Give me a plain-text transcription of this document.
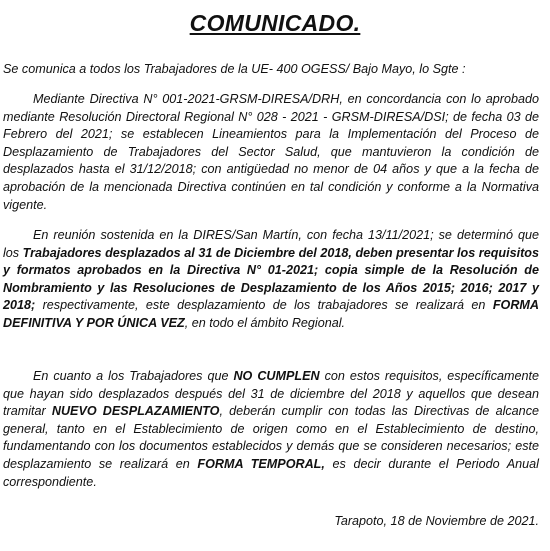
COMUNICADO.
Se comunica a todos los Trabajadores de la UE- 400 OGESS/ Bajo Mayo, lo Sgte :
Mediante Directiva N° 001-2021-GRSM-DIRESA/DRH, en concordancia con lo aprobado mediante Resolución Directoral Regional N° 028 - 2021 - GRSM-DIRESA/DSI; de fecha 03 de Febrero del 2021; se establecen Lineamientos para la Implementación del Proceso de Desplazamiento de Trabajadores del Sector Salud, que mantuvieron la condición de desplazados hasta el 31/12/2018; con antigüedad no menor de 04 años y que a la fecha de aprobación de la mencionada Directiva continúen en tal condición y conforme a la Normativa vigente.
En reunión sostenida en la DIRES/San Martín, con fecha 13/11/2021; se determinó que los Trabajadores desplazados al 31 de Diciembre del 2018, deben presentar los requisitos y formatos aprobados en la Directiva N° 01-2021; copia simple de la Resolución de Nombramiento y las Resoluciones de Desplazamiento de los Años 2015; 2016; 2017 y 2018; respectivamente, este desplazamiento de los trabajadores se realizará en FORMA DEFINITIVA Y POR ÚNICA VEZ, en todo el ámbito Regional.
En cuanto a los Trabajadores que NO CUMPLEN con estos requisitos, específicamente que hayan sido desplazados después del 31 de diciembre del 2018 y aquellos que desean tramitar NUEVO DESPLAZAMIENTO, deberán cumplir con todas las Directivas de alcance general, tanto en el Establecimiento de origen como en el Establecimiento de destino, fundamentando con los documentos establecidos y demás que se consideren necesarios; este desplazamiento se realizará en FORMA TEMPORAL, es decir durante el Periodo Anual correspondiente.
Tarapoto, 18 de Noviembre de 2021.
